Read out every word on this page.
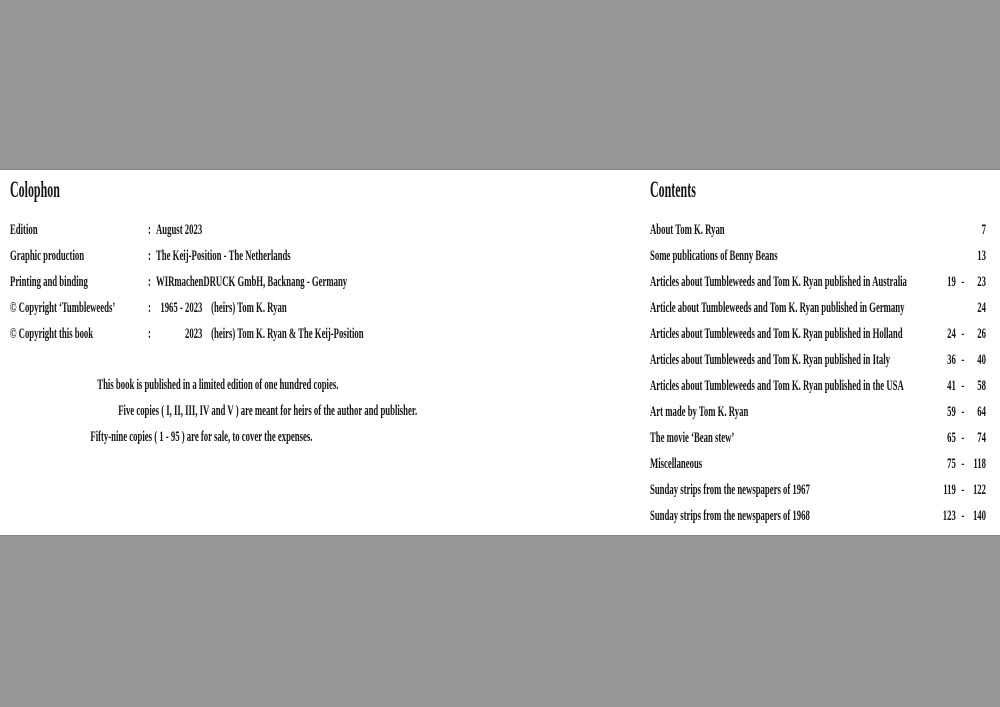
Colophon
Edition	: August 2023
Graphic production	: The Keij-Position - The Netherlands
Printing and binding	: WIRmachenDRUCK GmbH, Backnang - Germany
© Copyright ‘Tumbleweeds’ : 1965 - 2023 (heirs) Tom K. Ryan
© Copyright this book	:	2023 (heirs) Tom K. Ryan & The Keij-Position
This book is published in a limited edition of one hundred copies.
Five copies ( I, II, III, IV and V ) are meant for heirs of the author and publisher.
Fifty-nine copies ( 1 - 95 ) are for sale, to cover the expenses.
Contents
About Tom K. Ryan	7
Some publications of Benny Beans	13
Articles about Tumbleweeds and Tom K. Ryan published in Australia	19 - 23
Article about Tumbleweeds and Tom K. Ryan published in Germany	24
Articles about Tumbleweeds and Tom K. Ryan published in Holland	24 - 26
Articles about Tumbleweeds and Tom K. Ryan published in Italy	36 - 40
Articles about Tumbleweeds and Tom K. Ryan published in the USA	41 - 58
Art made by Tom K. Ryan	59 - 64
The movie ‘Bean stew’	65 - 74
Miscellaneous	75 - 118
Sunday strips from the newspapers of 1967	119 - 122
Sunday strips from the newspapers of 1968	123 - 140
